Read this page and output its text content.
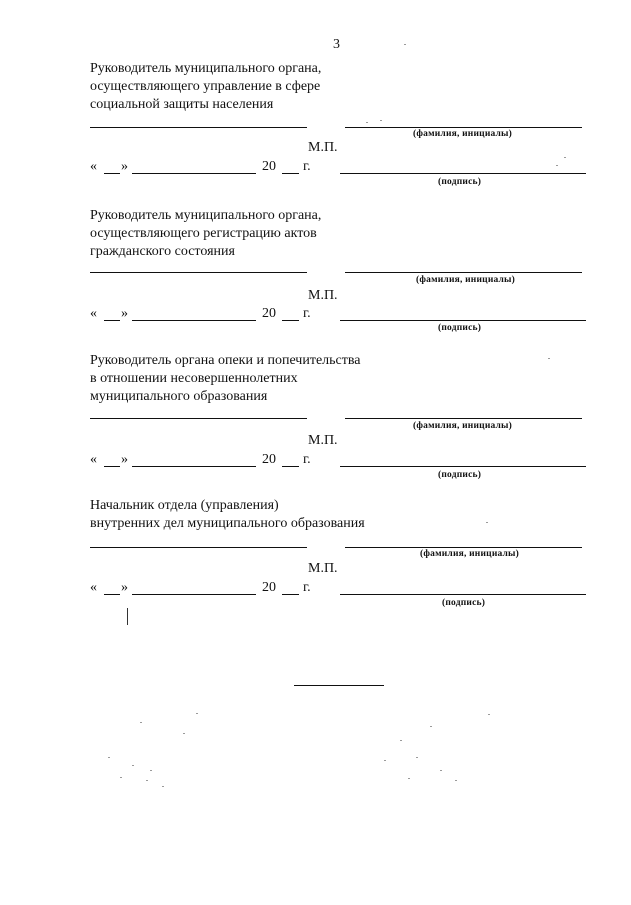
3
Руководитель муниципального органа,
осуществляющего управление в сфере
социальной защиты населения
(фамилия, инициалы)
М.П.
« »	20 г.
(подпись)
Руководитель муниципального органа,
осуществляющего регистрацию актов
гражданского состояния
(фамилия, инициалы)
М.П.
« »	20 г.
(подпись)
Руководитель органа опеки и попечительства
в отношении несовершеннолетних
муниципального образования
(фамилия, инициалы)
М.П.
« »	20 г.
(подпись)
Начальник отдела (управления)
внутренних дел муниципального образования
(фамилия, инициалы)
М.П.
« »	20 г.
(подпись)
